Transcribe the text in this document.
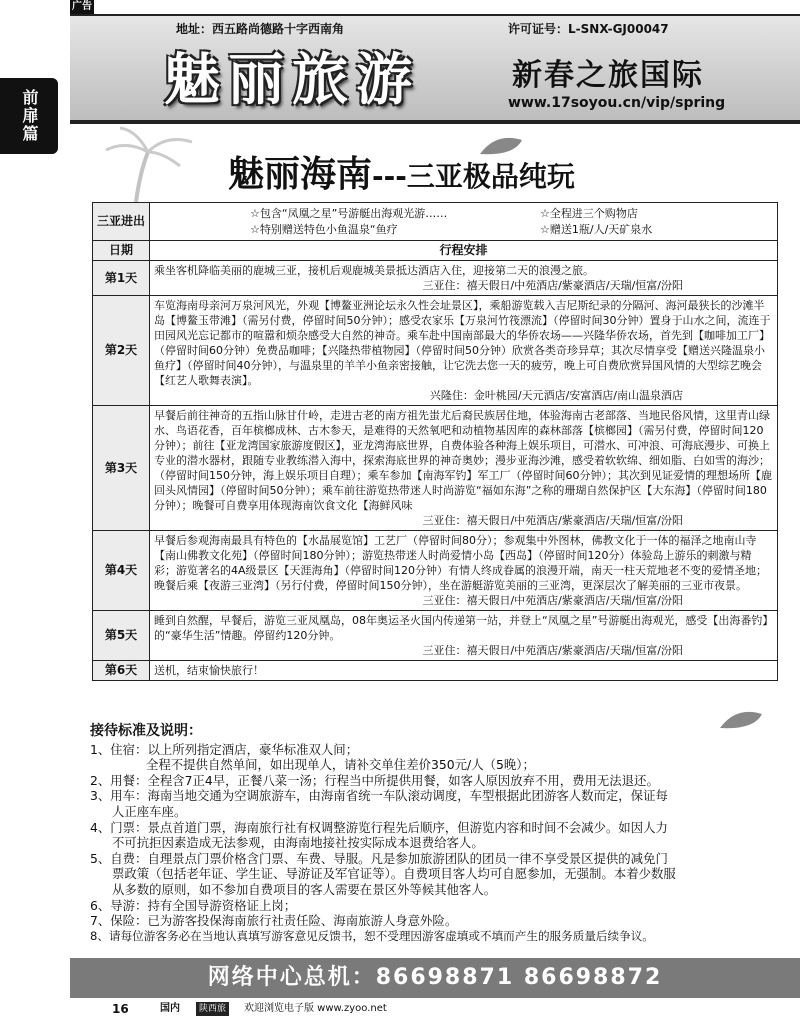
广告
前扉篇
地址：西五路尚德路十字西南角	许可证号：L-SNX-GJ00047
魅丽旅游	新春之旅国际
www.17soyou.cn/vip/spring
魅丽海南---三亚极品纯玩
三亚进出	☆包含“凤凰之星”号游艇出海观光游…… ☆全程进三个购物店
☆特别赠送特色小鱼温泉“鱼疗 ☆赠送1瓶/人/天矿泉水

日期	行程安排
第1天	乘坐客机降临美丽的鹿城三亚，接机后观鹿城美景抵达酒店入住，迎接第二天的浪漫之旅。
三亚住：禧天假日/中苑酒店/紫豪酒店/天瑞/恒富/汾阳

第2天	车览海南母亲河万泉河风光，外观【博鳌亚洲论坛永久性会址景区】，乘船游览载入吉尼斯纪录的分隔河、海河最狭长的沙滩半岛【博鳌玉带滩】（需另付费，停留时间50分钟）；感受农家乐【万泉河竹筏漂流】（停留时间30分钟）置身于山水之间，流连于田园风光忘记都市的喧嚣和烦杂感受大自然的神奇。乘车赴中国南部最大的华侨农场——兴隆华侨农场，首先到【咖啡加工厂】（停留时间60分钟）免费品咖啡；【兴隆热带植物园】（停留时间50分钟）欣赏各类奇珍异草；其次尽情享受【赠送兴隆温泉小鱼疗】（停留时间40分钟），与温泉里的羊羊小鱼亲密接触，让它洗去您一天的疲劳，晚上可自费欣赏异国风情的大型综艺晚会【红艺人歌舞表演】。
兴隆住：金叶桃园/天元酒店/安富酒店/南山温泉酒店

第3天	早餐后前往神奇的五指山脉甘什岭，走进古老的南方祖先蚩尤后裔民族居住地，体验海南古老部落、当地民俗风情，这里青山绿水、鸟语花香，百年槟榔成林、古木参天，是难得的天然氧吧和动植物基因库的森林部落【槟榔园】（需另付费，停留时间120分钟）；前往【亚龙湾国家旅游度假区】，亚龙湾海底世界，自费体验各种海上娱乐项目，可潜水、可冲浪、可海底漫步、可换上专业的潜水器材，跟随专业教练潜入海中，探索海底世界的神奇奥妙；漫步亚海沙滩，感受着软软绵、细如脂、白如雪的海沙；（停留时间150分钟，海上娱乐项目自理）；乘车参加【南海军钓】军工厂（停留时间60分钟）；其次到见证爱情的理想场所【鹿回头风情园】（停留时间50分钟）；乘车前往游览热带迷人时尚游览“福如东海”之称的珊瑚自然保护区【大东海】（停留时间180分钟）；晚餐可自费享用体现海南饮食文化【海鲜风味
三亚住：禧天假日/中苑酒店/紫豪酒店/天瑞/恒富/汾阳

第4天	早餐后参观海南最具有特色的【水晶展览馆】工艺厂（停留时间80分）；参观集中外图林，佛教文化于一体的福泽之地南山寺【南山佛教文化苑】（停留时间180分钟）；游览热带迷人时尚爱情小岛【西岛】（停留时间120分）体验岛上游乐的刺激与精彩；游览著名的4A级景区【天涯海角】（停留时间120分钟）有情人终成眷属的浪漫开端，南天一柱天荒地老不变的爱情圣地；晚餐后乘【夜游三亚湾】（另行付费，停留时间150分钟），坐在游艇游览美丽的三亚湾，更深层次了解美丽的三亚市夜景。
三亚住：禧天假日/中苑酒店/紫豪酒店/天瑞/恒富/汾阳

第5天	睡到自然醒，早餐后，游览三亚凤凰岛，08年奥运圣火国内传递第一站，并登上“凤凰之星”号游艇出海观光，感受【出海番钓】的“豪华生活”情趣。停留约120分钟。
三亚住：禧天假日/中苑酒店/紫豪酒店/天瑞/恒富/汾阳

第6天	送机，结束愉快旅行！
接待标准及说明：
1、住宿：以上所列指定酒店，豪华标准双人间；
全程不提供自然单间，如出现单人，请补交单住差价350元/人（5晚）；
2、用餐：全程含7正4早，正餐八菜一汤；行程当中所提供用餐，如客人原因放弃不用，费用无法退还。
3、用车：海南当地交通为空调旅游车，由海南省统一车队滚动调度，车型根据此团游客人数而定，保证每
人正座车座。
4、门票：景点首道门票，海南旅行社有权调整游览行程先后顺序，但游览内容和时间不会减少。如因人力
不可抗拒因素造成无法参观，由海南地接社按实际成本退费给客人。
5、自费：自理景点门票价格含门票、车费、导服。凡是参加旅游团队的团员一律不享受景区提供的减免门
票政策（包括老年证、学生证、导游证及军官证等）。自费项目客人均可自愿参加，无强制。本着少数服
从多数的原则，如不参加自费项目的客人需要在景区外等候其他客人。
6、导游：持有全国导游资格证上岗；
7、保险：已为游客投保海南旅行社责任险、海南旅游人身意外险。
8、请每位游客务必在当地认真填写游客意见反馈书，恕不受理因游客虚填或不填而产生的服务质量后续争议。
网络中心总机：86698871 86698872
16	国内	陕西旅	欢迎浏览电子版 www.zyoo.net
